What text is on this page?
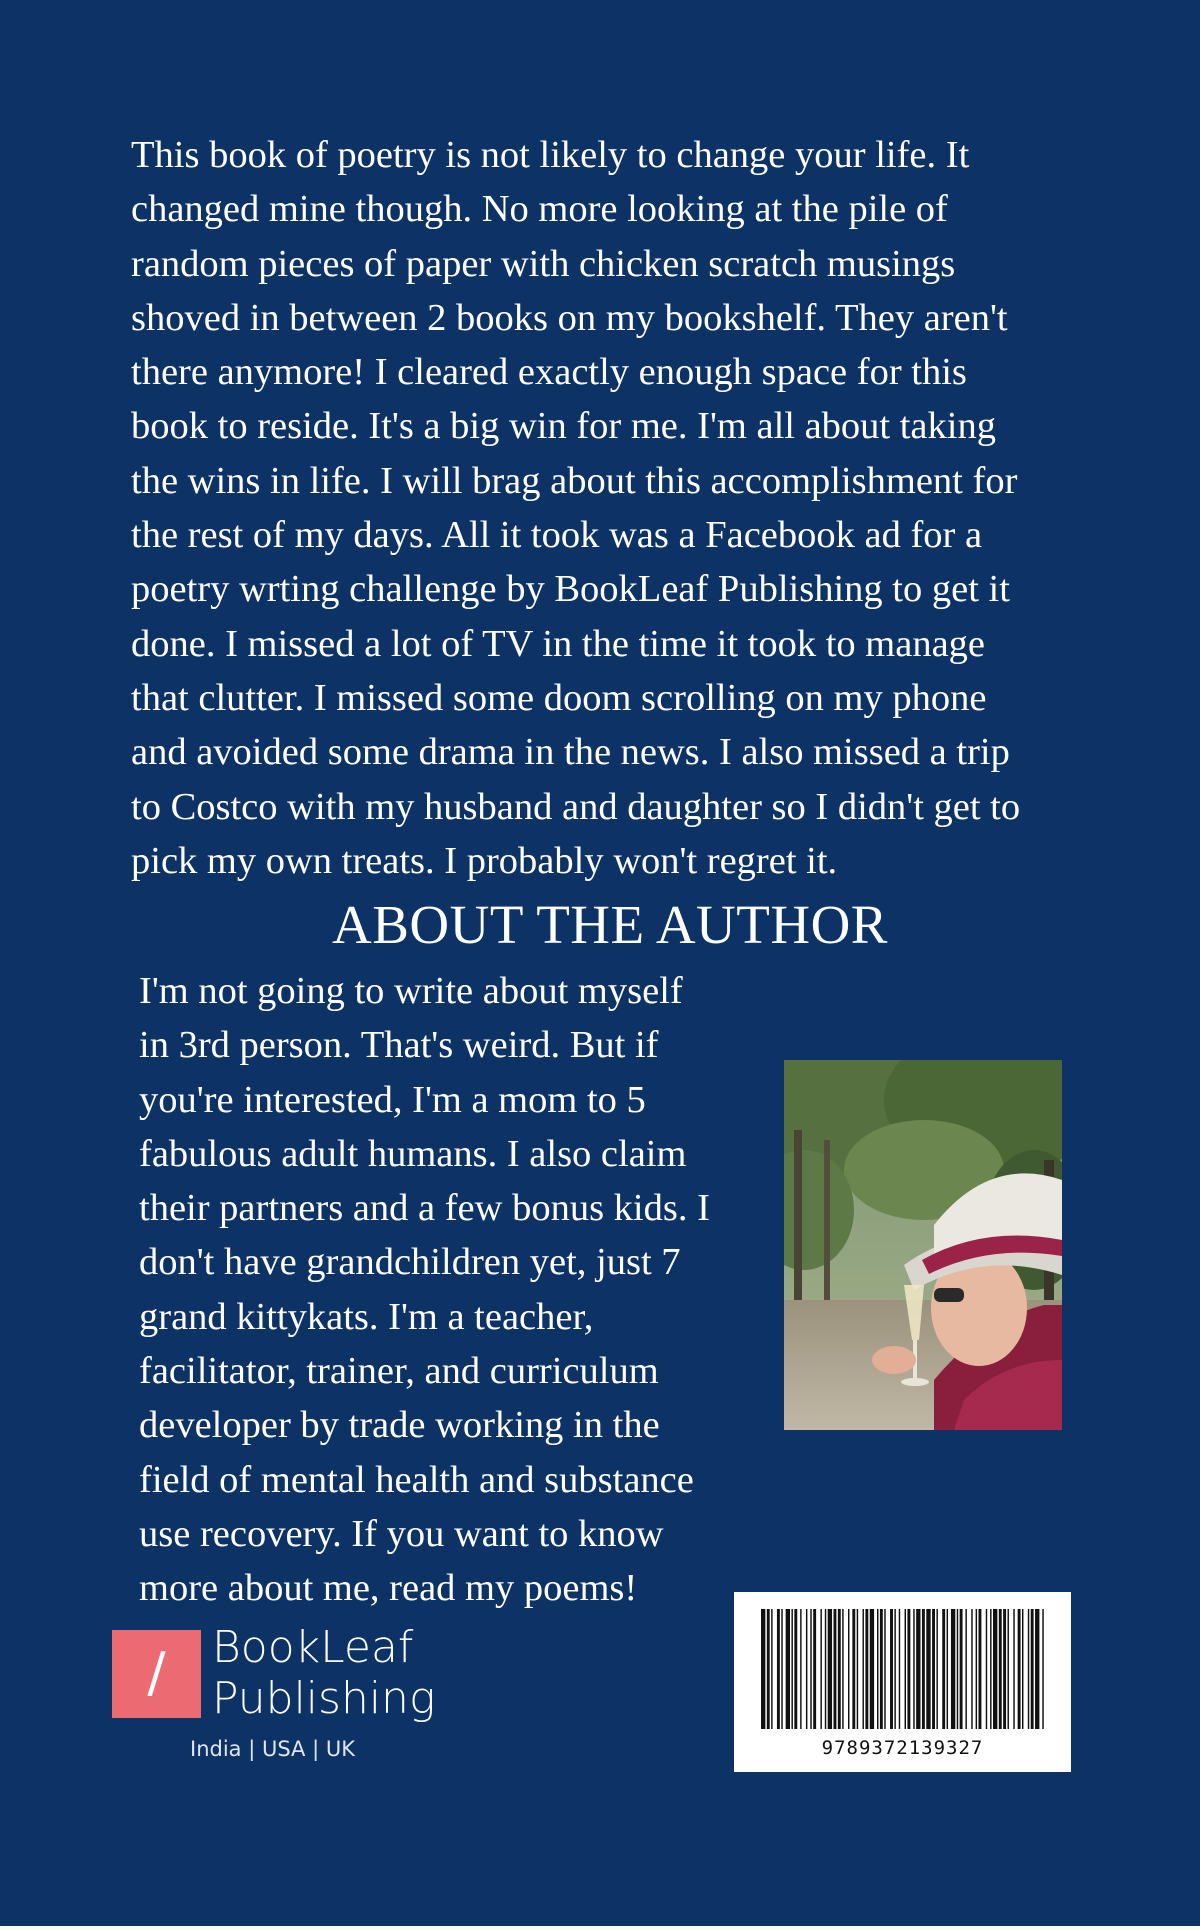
This book of poetry is not likely to change your life. It
changed mine though. No more looking at the pile of
random pieces of paper with chicken scratch musings
shoved in between 2 books on my bookshelf. They aren't
there anymore! I cleared exactly enough space for this
book to reside. It's a big win for me. I'm all about taking
the wins in life. I will brag about this accomplishment for
the rest of my days. All it took was a Facebook ad for a
poetry wrting challenge by BookLeaf Publishing to get it
done. I missed a lot of TV in the time it took to manage
that clutter. I missed some doom scrolling on my phone
and avoided some drama in the news. I also missed a trip
to Costco with my husband and daughter so I didn't get to
pick my own treats. I probably won't regret it.

ABOUT THE AUTHOR

I'm not going to write about myself
in 3rd person. That's weird. But if
you're interested, I'm a mom to 5
fabulous adult humans. I also claim
their partners and a few bonus kids. I
don't have grandchildren yet, just 7
grand kittykats. I'm a teacher,
facilitator, trainer, and curriculum
developer by trade working in the
field of mental health and substance
use recovery. If you want to know
more about me, read my poems!

/	BookLeaf
Publishing

India | USA | UK	9789372139327
